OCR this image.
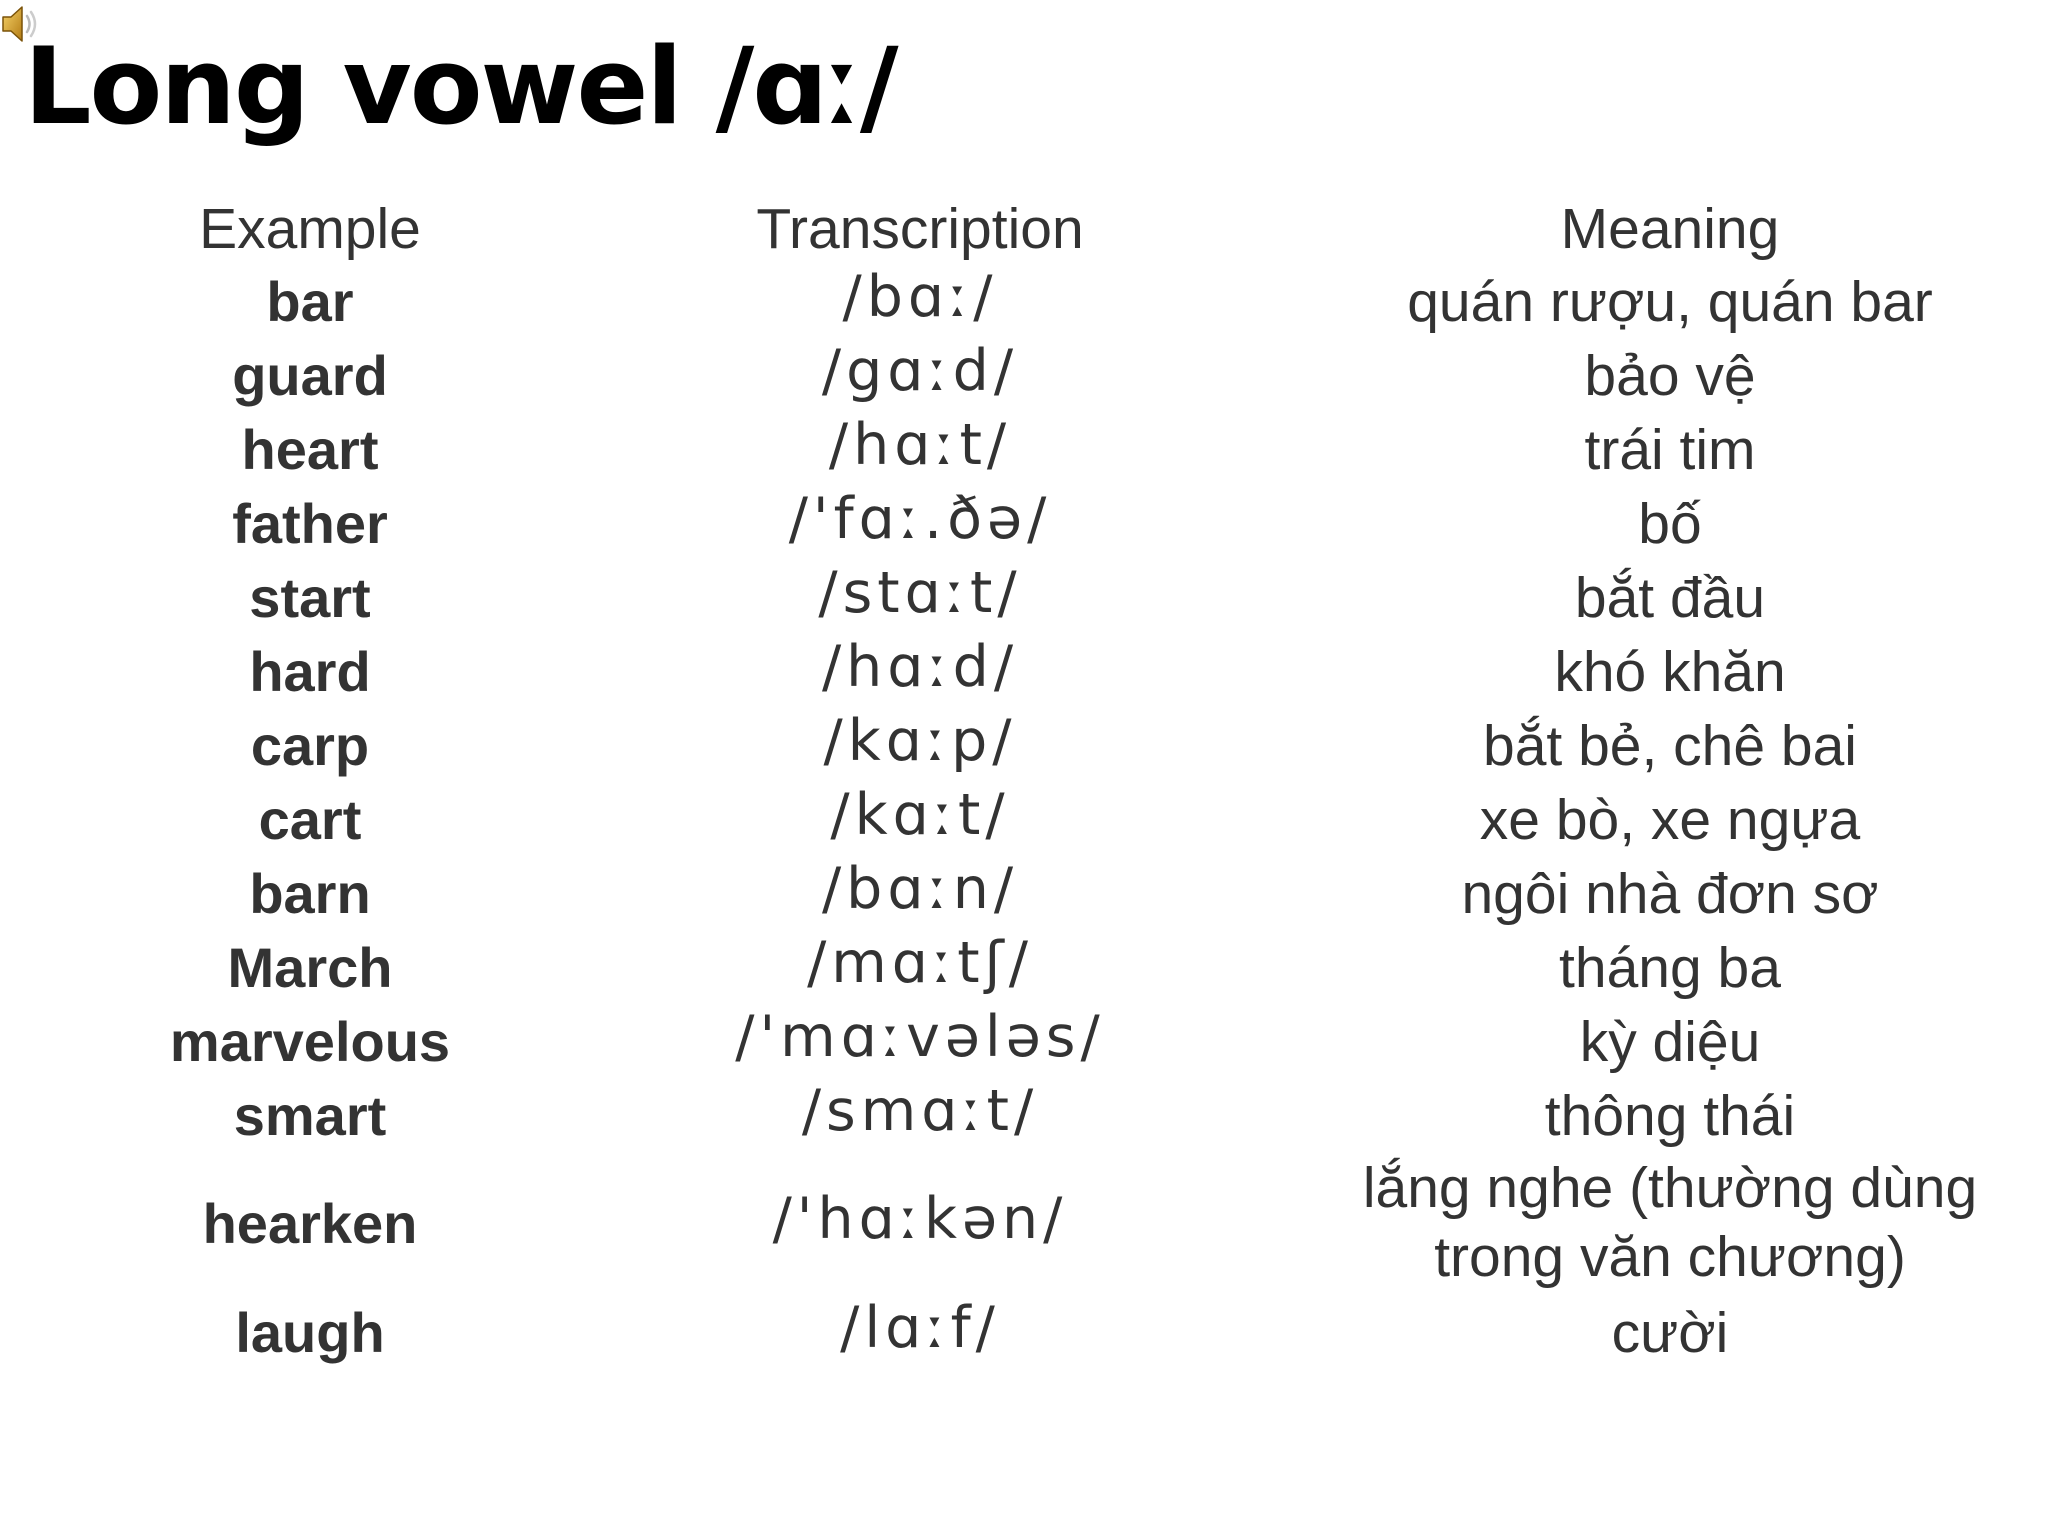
Long vowel /ɑː/
Example	Transcription	Meaning
bar	/bɑː/	quán rượu, quán bar
guard	/gɑːd/	bảo vệ
heart	/hɑːt/	trái tim
father	/'fɑː.ðə/	bố
start	/stɑːt/	bắt đầu
hard	/hɑːd/	khó khăn
carp	/kɑːp/	bắt bẻ, chê bai
cart	/kɑːt/	xe bò, xe ngựa
barn	/bɑːn/	ngôi nhà đơn sơ
March	/mɑːtʃ/	tháng ba
marvelous	/'mɑːvələs/	kỳ diệu
smart	/smɑːt/	thông thái
hearken	/'hɑːkən/	lắng nghe (thường dùng trong văn chương)
laugh	/lɑːf/	cười
